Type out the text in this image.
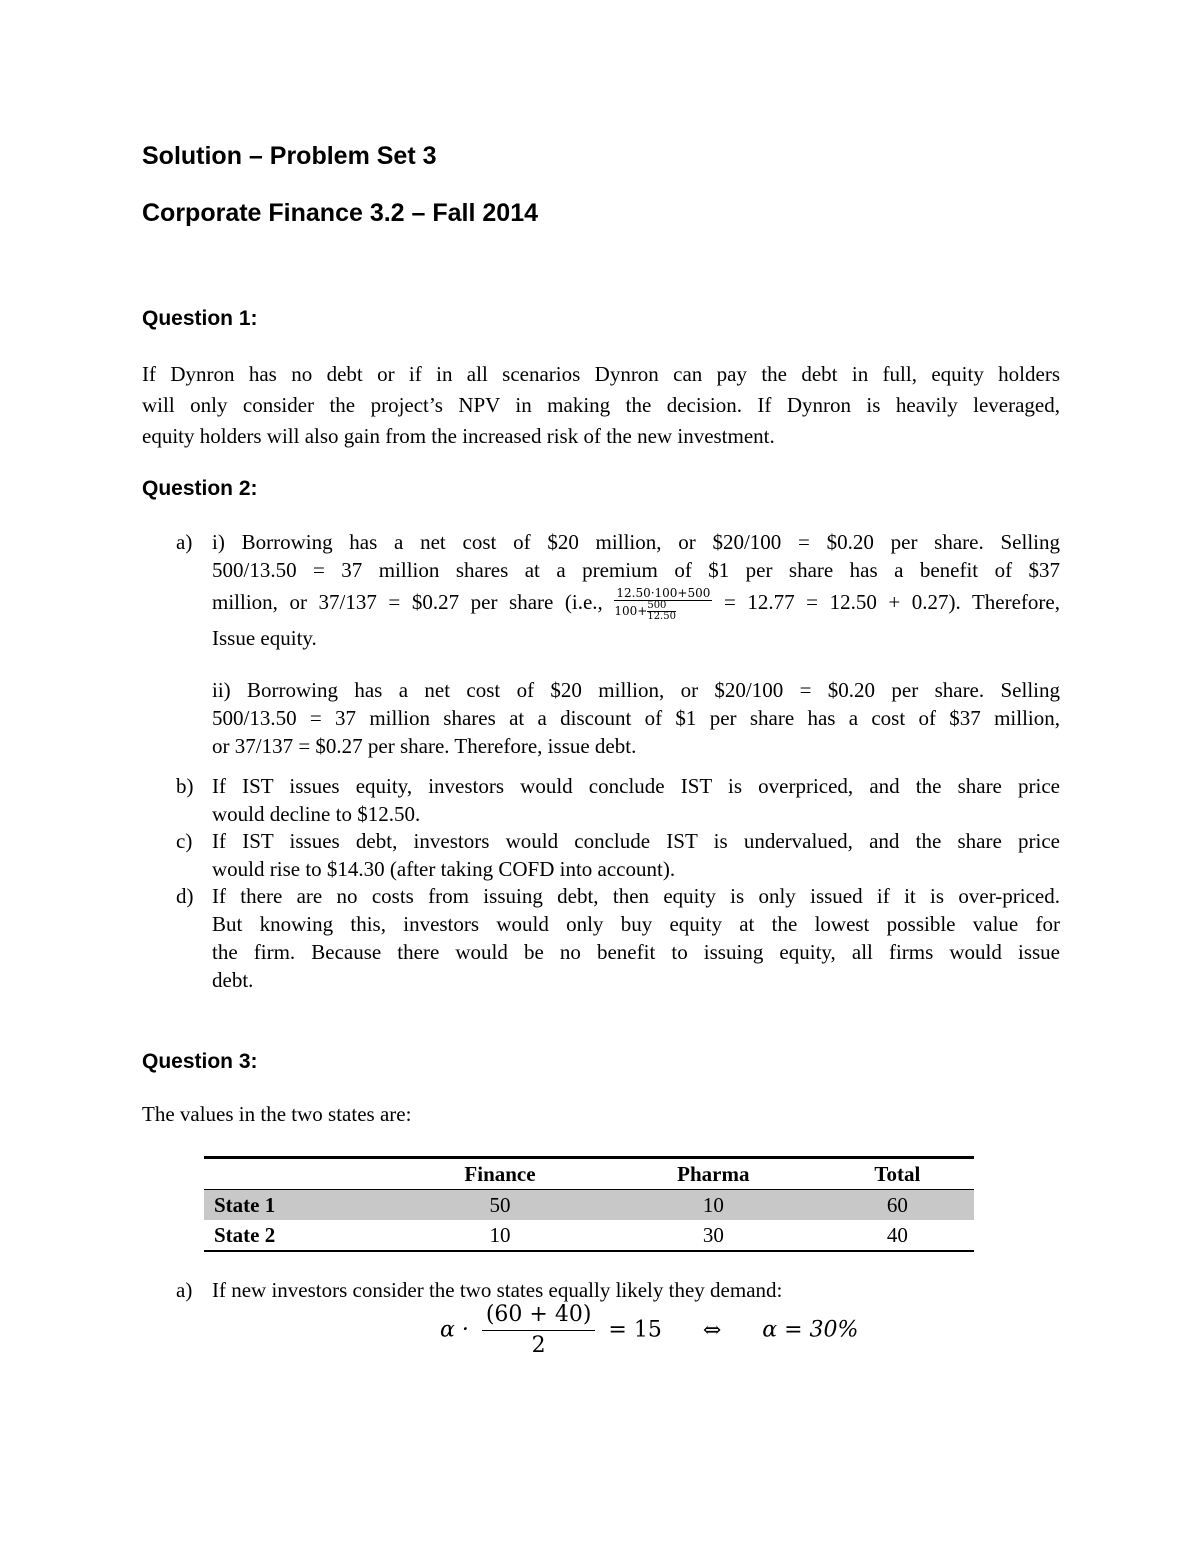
Solution – Problem Set 3
Corporate Finance 3.2 – Fall 2014
Question 1:
If Dynron has no debt or if in all scenarios Dynron can pay the debt in full, equity holders
will only consider the project’s NPV in making the decision. If Dynron is heavily leveraged,
equity holders will also gain from the increased risk of the new investment.
Question 2:
a) i) Borrowing has a net cost of $20 million, or $20/100 = $0.20 per share. Selling
500/13.50 = 37 million shares at a premium of $1 per share has a benefit of $37
million, or 37/137 = $0.27 per share (i.e., $\frac{12.50\cdot 100+500}{100+ \frac{500}{12.50}} = 12.77 = 12.50 + 0.27$). Therefore,
Issue equity.
ii) Borrowing has a net cost of $20 million, or $20/100 = $0.20 per share. Selling
500/13.50 = 37 million shares at a discount of $1 per share has a cost of $37 million,
or 37/137 = $0.27 per share. Therefore, issue debt.
b) If IST issues equity, investors would conclude IST is overpriced, and the share price
would decline to $12.50.
c) If IST issues debt, investors would conclude IST is undervalued, and the share price
would rise to $14.30 (after taking COFD into account).
d) If there are no costs from issuing debt, then equity is only issued if it is over-priced.
But knowing this, investors would only buy equity at the lowest possible value for
the firm. Because there would be no benefit to issuing equity, all firms would issue
debt.
Question 3:
The values in the two states are:
	Finance	Pharma	Total
State 1	50	10	60
State 2	10	30	40
a) If new investors consider the two states equally likely they demand:
$\alpha \cdot \frac{(60 + 40)}{2} = 15$ ⇔ α = 30%
